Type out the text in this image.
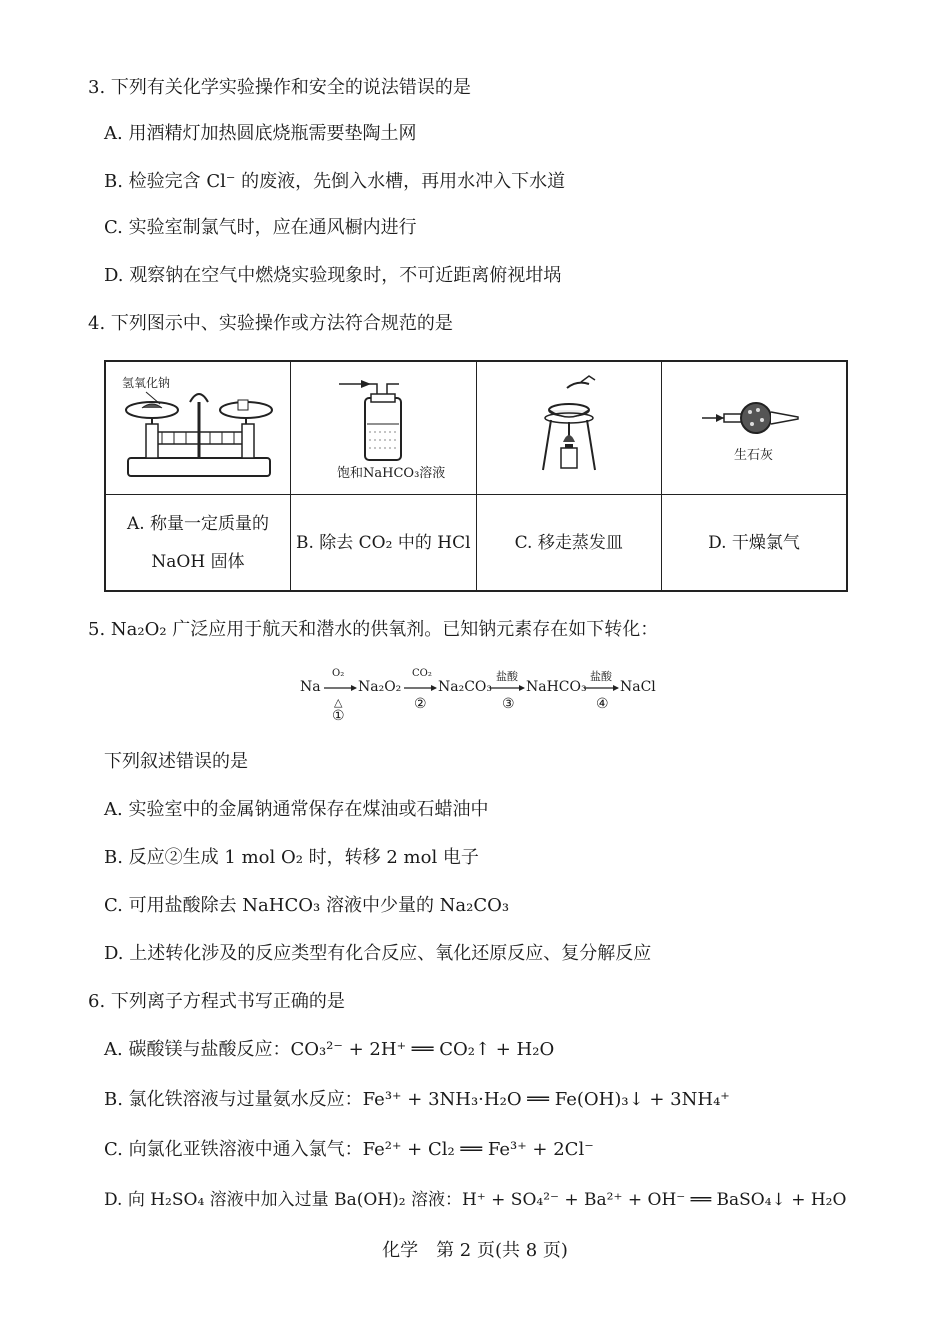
3. 下列有关化学实验操作和安全的说法错误的是
A. 用酒精灯加热圆底烧瓶需要垫陶土网
B. 检验完含 Cl⁻ 的废液，先倒入水槽，再用水冲入下水道
C. 实验室制氯气时，应在通风橱内进行
D. 观察钠在空气中燃烧实验现象时，不可近距离俯视坩埚
4. 下列图示中、实验操作或方法符合规范的是
氢氧化钠	饱和NaHCO₃溶液		生石灰

A. 称量一定质量的
NaOH 固体	B. 除去 CO₂ 中的 HCl	C. 移走蒸发皿	D. 干燥氯气
5. Na₂O₂ 广泛应用于航天和潜水的供氧剂。已知钠元素存在如下转化：
Na
O₂
△
①
Na₂O₂
CO₂
②
Na₂CO₃
盐酸
③
NaHCO₃
盐酸
④
NaCl
下列叙述错误的是
A. 实验室中的金属钠通常保存在煤油或石蜡油中
B. 反应②生成 1 mol O₂ 时，转移 2 mol 电子
C. 可用盐酸除去 NaHCO₃ 溶液中少量的 Na₂CO₃
D. 上述转化涉及的反应类型有化合反应、氧化还原反应、复分解反应
6. 下列离子方程式书写正确的是
A. 碳酸镁与盐酸反应：CO₃²⁻ + 2H⁺ ══ CO₂↑ + H₂O
B. 氯化铁溶液与过量氨水反应：Fe³⁺ + 3NH₃·H₂O ══ Fe(OH)₃↓ + 3NH₄⁺
C. 向氯化亚铁溶液中通入氯气：Fe²⁺ + Cl₂ ══ Fe³⁺ + 2Cl⁻
D. 向 H₂SO₄ 溶液中加入过量 Ba(OH)₂ 溶液：H⁺ + SO₄²⁻ + Ba²⁺ + OH⁻ ══ BaSO₄↓ + H₂O
化学　第 2 页(共 8 页)
